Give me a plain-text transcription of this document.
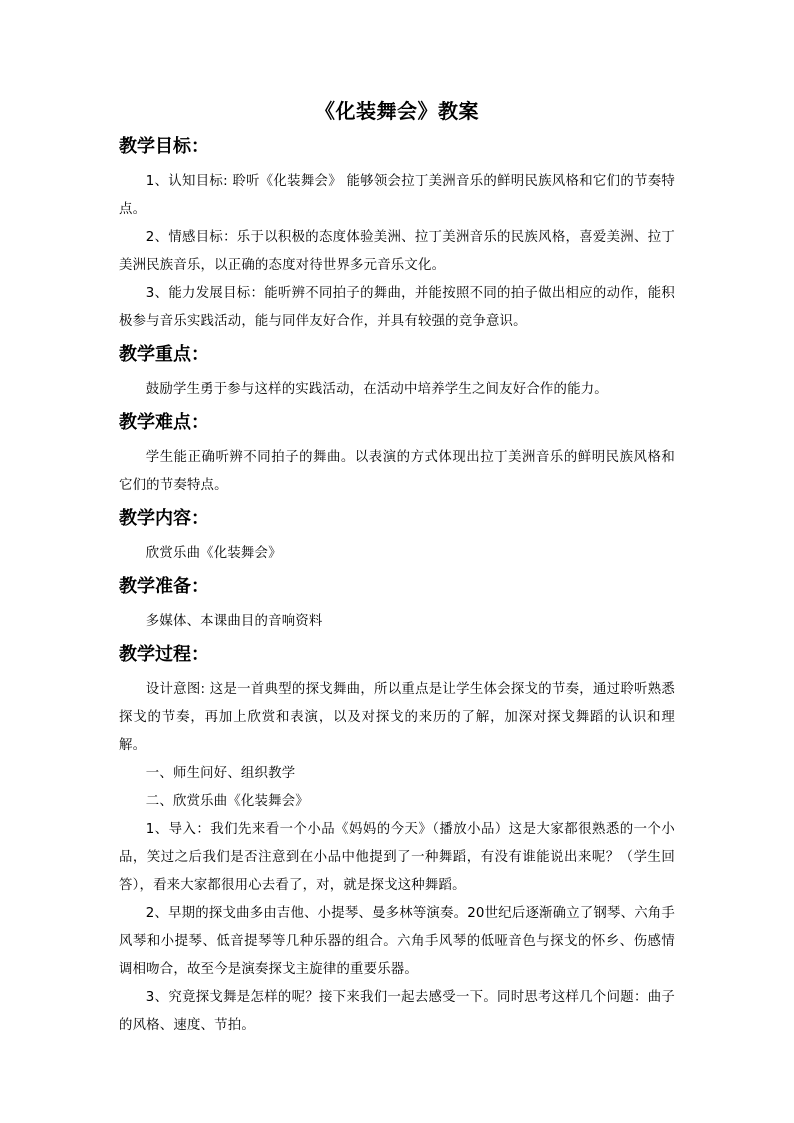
《化装舞会》教案
教学目标：

1、认知目标: 聆听《化装舞会》 能够领会拉丁美洲音乐的鲜明民族风格和它们的节奏特点。

2、情感目标：乐于以积极的态度体验美洲、拉丁美洲音乐的民族风格，喜爱美洲、拉丁美洲民族音乐，以正确的态度对待世界多元音乐文化。

3、能力发展目标：能听辨不同拍子的舞曲，并能按照不同的拍子做出相应的动作，能积极参与音乐实践活动，能与同伴友好合作，并具有较强的竞争意识。

教学重点：

鼓励学生勇于参与这样的实践活动，在活动中培养学生之间友好合作的能力。

教学难点：

学生能正确听辨不同拍子的舞曲。以表演的方式体现出拉丁美洲音乐的鲜明民族风格和它们的节奏特点。

教学内容：

欣赏乐曲《化装舞会》

教学准备：

多媒体、本课曲目的音响资料

教学过程：

设计意图: 这是一首典型的探戈舞曲，所以重点是让学生体会探戈的节奏，通过聆听熟悉探戈的节奏，再加上欣赏和表演，以及对探戈的来历的了解，加深对探戈舞蹈的认识和理解。

一、师生问好、组织教学

二、欣赏乐曲《化装舞会》

1、导入：我们先来看一个小品《妈妈的今天》（播放小品）这是大家都很熟悉的一个小品，笑过之后我们是否注意到在小品中他提到了一种舞蹈，有没有谁能说出来呢？（学生回答），看来大家都很用心去看了，对，就是探戈这种舞蹈。

2、早期的探戈曲多由吉他、小提琴、曼多林等演奏。20世纪后逐渐确立了钢琴、六角手风琴和小提琴、低音提琴等几种乐器的组合。六角手风琴的低哑音色与探戈的怀乡、伤感情调相吻合，故至今是演奏探戈主旋律的重要乐器。

3、究竟探戈舞是怎样的呢？接下来我们一起去感受一下。同时思考这样几个问题：曲子的风格、速度、节拍。
